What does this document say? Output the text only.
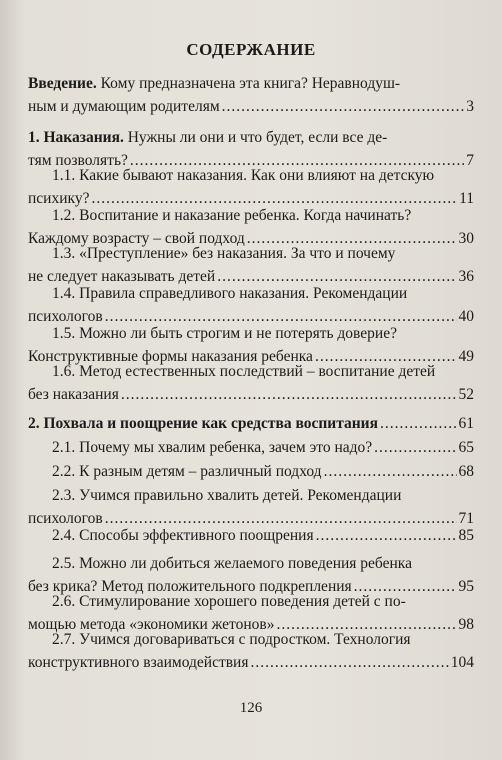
СОДЕРЖАНИЕ
Введение. Кому предназначена эта книга? Неравнодуш-
ным и думающим родителям .....	3
1. Наказания. Нужны ли они и что будет, если все де-
тям позволять? .....	7
1.1. Какие бывают наказания. Как они влияют на детскую
психику? .....	11
1.2. Воспитание и наказание ребенка. Когда начинать?
Каждому возрасту – свой подход .....	30
1.3. «Преступление» без наказания. За что и почему
не следует наказывать детей .....	36
1.4. Правила справедливого наказания. Рекомендации
психологов .....	40
1.5. Можно ли быть строгим и не потерять доверие?
Конструктивные формы наказания ребенка .....	49
1.6. Метод естественных последствий – воспитание детей
без наказания .....	52
2. Похвала и поощрение как средства воспитания .....	61
2.1. Почему мы хвалим ребенка, зачем это надо? .....	65
2.2. К разным детям – различный подход .....	68
2.3. Учимся правильно хвалить детей. Рекомендации
психологов .....	71
2.4. Способы эффективного поощрения .....	85
2.5. Можно ли добиться желаемого поведения ребенка
без крика? Метод положительного подкрепления .....	95
2.6. Стимулирование хорошего поведения детей с по-
мощью метода «экономики жетонов» .....	98
2.7. Учимся договариваться с подростком. Технология
конструктивного взаимодействия .....	104
126
